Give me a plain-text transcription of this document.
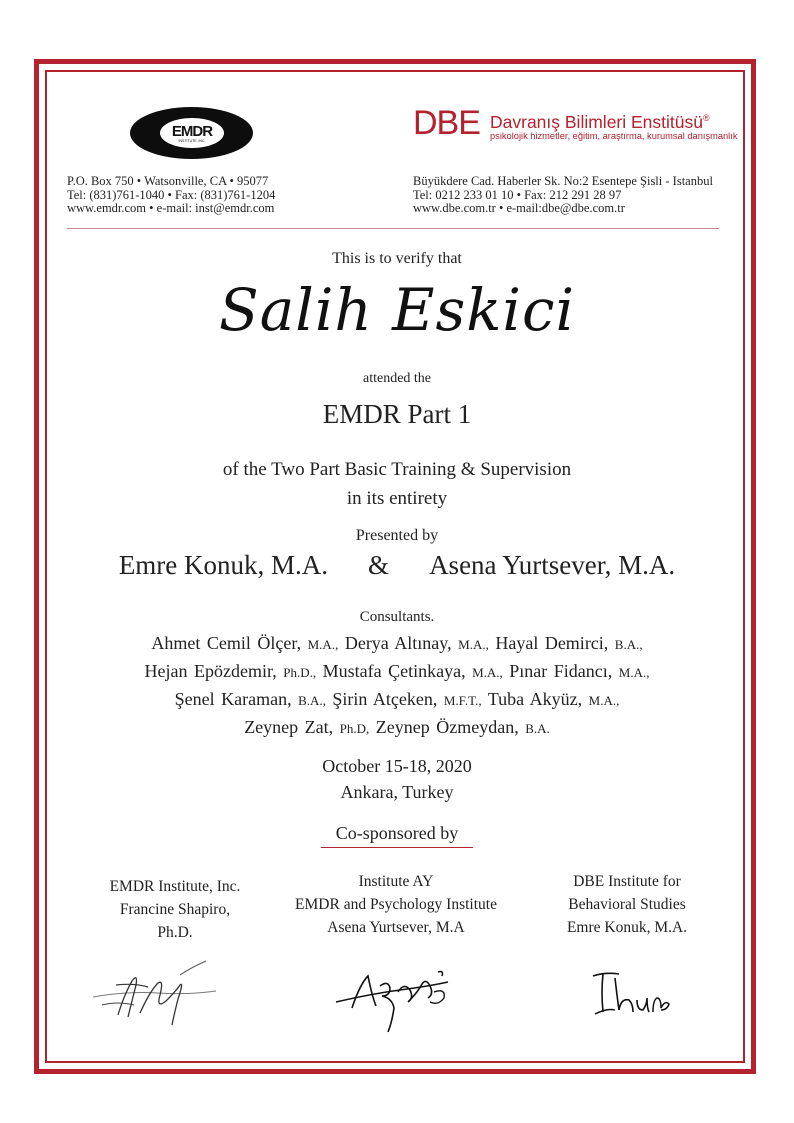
EMDR
INSTITUTE, INC.	DBE Davranış Bilimleri Enstitüsü®
psikolojik hizmetler, eğitim, araştırma, kurumsal danışmanlık
P.O. Box 750 • Watsonville, CA • 95077
Tel: (831)761-1040 • Fax: (831)761-1204
www.emdr.com • e-mail: inst@emdr.com
Büyükdere Cad. Haberler Sk. No:2 Esentepe Şisli - Istanbul
Tel: 0212 233 01 10 • Fax: 212 291 28 97
www.dbe.com.tr • e-mail:dbe@dbe.com.tr
This is to verify that
Salih Eskici
attended the
EMDR Part 1
of the Two Part Basic Training & Supervision
in its entirety
Presented by
Emre Konuk, M.A. & Asena Yurtsever, M.A.
Consultants.
Ahmet Cemil Ölçer, M.A., Derya Altınay, M.A., Hayal Demirci, B.A.,
Hejan Epözdemir, Ph.D., Mustafa Çetinkaya, M.A., Pınar Fidancı, M.A.,
Şenel Karaman, B.A., Şirin Atçeken, M.F.T., Tuba Akyüz, M.A.,
Zeynep Zat, Ph.D, Zeynep Özmeydan, B.A.
October 15-18, 2020
Ankara, Turkey
Co-sponsored by
EMDR Institute, Inc.
Francine Shapiro,
Ph.D.
Institute AY
EMDR and Psychology Institute
Asena Yurtsever, M.A
DBE Institute for
Behavioral Studies
Emre Konuk, M.A.
